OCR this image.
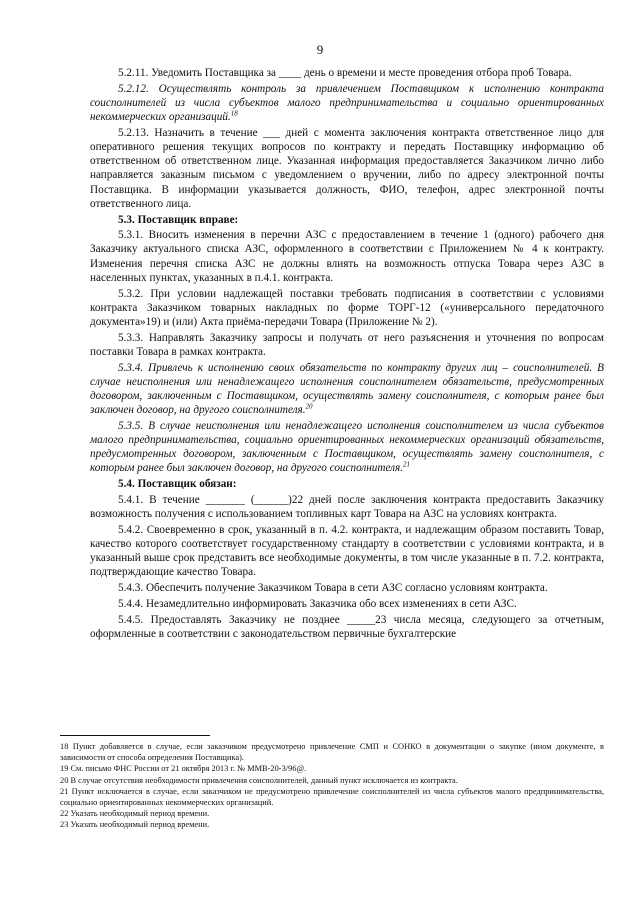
9

5.2.11. Уведомить Поставщика за ____ день о времени и месте проведения отбора проб Товара.

5.2.12. Осуществлять контроль за привлечением Поставщиком к исполнению контракта соисполнителей из числа субъектов малого предпринимательства и социально ориентированных некоммерческих организаций.$^{18}$

5.2.13. Назначить в течение ___ дней с момента заключения контракта ответственное лицо для оперативного решения текущих вопросов по контракту и передать Поставщику информацию об ответственном об ответственном лице. Указанная информация предоставляется Заказчиком лично либо направляется заказным письмом с уведомлением о вручении, либо по адресу электронной почты Поставщика. В информации указывается должность, ФИО, телефон, адрес электронной почты ответственного лица.

5.3. Поставщик вправе:

5.3.1. Вносить изменения в перечни АЗС с предоставлением в течение 1 (одного) рабочего дня Заказчику актуального списка АЗС, оформленного в соответствии с Приложением № 4 к контракту. Изменения перечня списка АЗС не должны влиять на возможность отпуска Товара через АЗС в населенных пунктах, указанных в п.4.1. контракта.

5.3.2. При условии надлежащей поставки требовать подписания в соответствии с условиями контракта Заказчиком товарных накладных по форме ТОРГ-12 («универсального передаточного документа»19) и (или) Акта приёма-передачи Товара (Приложение № 2).

5.3.3. Направлять Заказчику запросы и получать от него разъяснения и уточнения по вопросам поставки Товара в рамках контракта.

5.3.4. Привлечь к исполнению своих обязательств по контракту других лиц – соисполнителей. В случае неисполнения или ненадлежащего исполнения соисполнителем обязательств, предусмотренных договором, заключенным с Поставщиком, осуществлять замену соисполнителя, с которым ранее был заключен договор, на другого соисполнителя.$^{20}$

5.3.5. В случае неисполнения или ненадлежащего исполнения соисполнителем из числа субъектов малого предпринимательства, социально ориентированных некоммерческих организаций обязательств, предусмотренных договором, заключенным с Поставщиком, осуществлять замену соисполнителя, с которым ранее был заключен договор, на другого соисполнителя.$^{21}$

5.4. Поставщик обязан:

5.4.1. В течение _______ (______)22 дней после заключения контракта предоставить Заказчику возможность получения с использованием топливных карт Товара на АЗС на условиях контракта.

5.4.2. Своевременно в срок, указанный в п. 4.2. контракта, и надлежащим образом поставить Товар, качество которого соответствует государственному стандарту в соответствии с условиями контракта, и в указанный выше срок представить все необходимые документы, в том числе указанные в п. 7.2. контракта, подтверждающие качество Товара.

5.4.3. Обеспечить получение Заказчиком Товара в сети АЗС согласно условиям контракта.

5.4.4. Незамедлительно информировать Заказчика обо всех изменениях в сети АЗС.

5.4.5. Предоставлять Заказчику не позднее _____23 числа месяца, следующего за отчетным, оформленные в соответствии с законодательством первичные бухгалтерские

18 Пункт добавляется в случае, если заказчиком предусмотрено привлечение СМП и СОНКО в документации о закупке (ином документе, в зависимости от способа определения Поставщика).

19 См. письмо ФНС России от 21 октября 2013 г. № ММВ-20-3/96@.

20 В случае отсутствия необходимости привлечения соисполнителей, данный пункт исключается из контракта.

21 Пункт исключается в случае, если заказчиком не предусмотрено привлечение соисполнителей из числа субъектов малого предпринимательства, социально ориентированных некоммерческих организаций.

22 Указать необходимый период времени.

23 Указать необходимый период времени.
